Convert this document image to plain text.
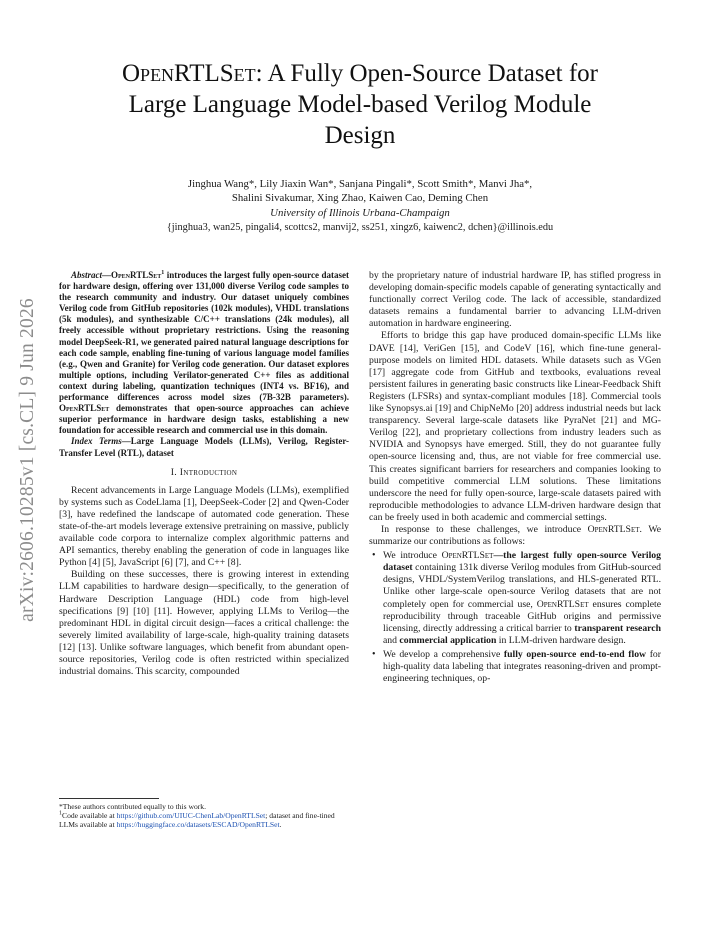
arXiv:2606.10285v1 [cs.CL] 9 Jun 2026
OpenRTLSet: A Fully Open-Source Dataset for
Large Language Model-based Verilog Module
Design
Jinghua Wang*, Lily Jiaxin Wan*, Sanjana Pingali*, Scott Smith*, Manvi Jha*,
Shalini Sivakumar, Xing Zhao, Kaiwen Cao, Deming Chen
University of Illinois Urbana-Champaign
{jinghua3, wan25, pingali4, scottcs2, manvij2, ss251, xingz6, kaiwenc2, dchen}@illinois.edu

Abstract—OpenRTLSet$^1$ introduces the largest fully open-source dataset for hardware design, offering over 131,000 diverse Verilog code samples to the research community and industry. Our dataset uniquely combines Verilog code from GitHub repositories (102k modules), VHDL translations (5k modules), and synthesizable C/C++ translations (24k modules), all freely accessible without proprietary restrictions. Using the reasoning model DeepSeek-R1, we generated paired natural language descriptions for each code sample, enabling fine-tuning of various language model families (e.g., Qwen and Granite) for Verilog code generation. Our dataset explores multiple options, including Verilator-generated C++ files as additional context during labeling, quantization techniques (INT4 vs. BF16), and performance differences across model sizes (7B-32B parameters). OpenRTLSet demonstrates that open-source approaches can achieve superior performance in hardware design tasks, establishing a new foundation for accessible research and commercial use in this domain.

Index Terms—Large Language Models (LLMs), Verilog, Register-Transfer Level (RTL), dataset

I. Introduction

Recent advancements in Large Language Models (LLMs), exemplified by systems such as CodeLlama [1], DeepSeek-Coder [2] and Qwen-Coder [3], have redefined the landscape of automated code generation. These state-of-the-art models leverage extensive pretraining on massive, publicly available code corpora to internalize complex algorithmic patterns and API semantics, thereby enabling the generation of code in languages like Python [4] [5], JavaScript [6] [7], and C++ [8].

Building on these successes, there is growing interest in extending LLM capabilities to hardware design—specifically, to the generation of Hardware Description Language (HDL) code from high-level specifications [9] [10] [11]. However, applying LLMs to Verilog—the predominant HDL in digital circuit design—faces a critical challenge: the severely limited availability of large-scale, high-quality training datasets [12] [13]. Unlike software languages, which benefit from abundant open-source repositories, Verilog code is often restricted within specialized industrial domains. This scarcity, compounded

*These authors contributed equally to this work.
$^1$Code available at https://github.com/UIUC-ChenLab/OpenRTLSet; dataset and fine-tined LLMs available at https://huggingface.co/datasets/ESCAD/OpenRTLSet.

by the proprietary nature of industrial hardware IP, has stifled progress in developing domain-specific models capable of generating syntactically and functionally correct Verilog code. The lack of accessible, standardized datasets remains a fundamental barrier to advancing LLM-driven automation in hardware engineering.

Efforts to bridge this gap have produced domain-specific LLMs like DAVE [14], VeriGen [15], and CodeV [16], which fine-tune general-purpose models on limited HDL datasets. While datasets such as VGen [17] aggregate code from GitHub and textbooks, evaluations reveal persistent failures in generating basic constructs like Linear-Feedback Shift Registers (LFSRs) and syntax-compliant modules [18]. Commercial tools like Synopsys.ai [19] and ChipNeMo [20] address industrial needs but lack transparency. Several large-scale datasets like PyraNet [21] and MG-Verilog [22], and proprietary collections from industry leaders such as NVIDIA and Synopsys have emerged. Still, they do not guarantee fully open-source licensing and, thus, are not viable for free commercial use. This creates significant barriers for researchers and companies looking to build competitive commercial LLM solutions. These limitations underscore the need for fully open-source, large-scale datasets paired with reproducible methodologies to advance LLM-driven hardware design that can be freely used in both academic and commercial settings.

In response to these challenges, we introduce OpenRTLSet. We summarize our contributions as follows:

• We introduce OpenRTLSet—the largest fully open-source Verilog dataset containing 131k diverse Verilog modules from GitHub-sourced designs, VHDL/SystemVerilog translations, and HLS-generated RTL. Unlike other large-scale open-source Verilog datasets that are not completely open for commercial use, OpenRTLSet ensures complete reproducibility through traceable GitHub origins and permissive licensing, directly addressing a critical barrier to transparent research and commercial application in LLM-driven hardware design.
• We develop a comprehensive fully open-source end-to-end flow for high-quality data labeling that integrates reasoning-driven and prompt-engineering techniques, op-
